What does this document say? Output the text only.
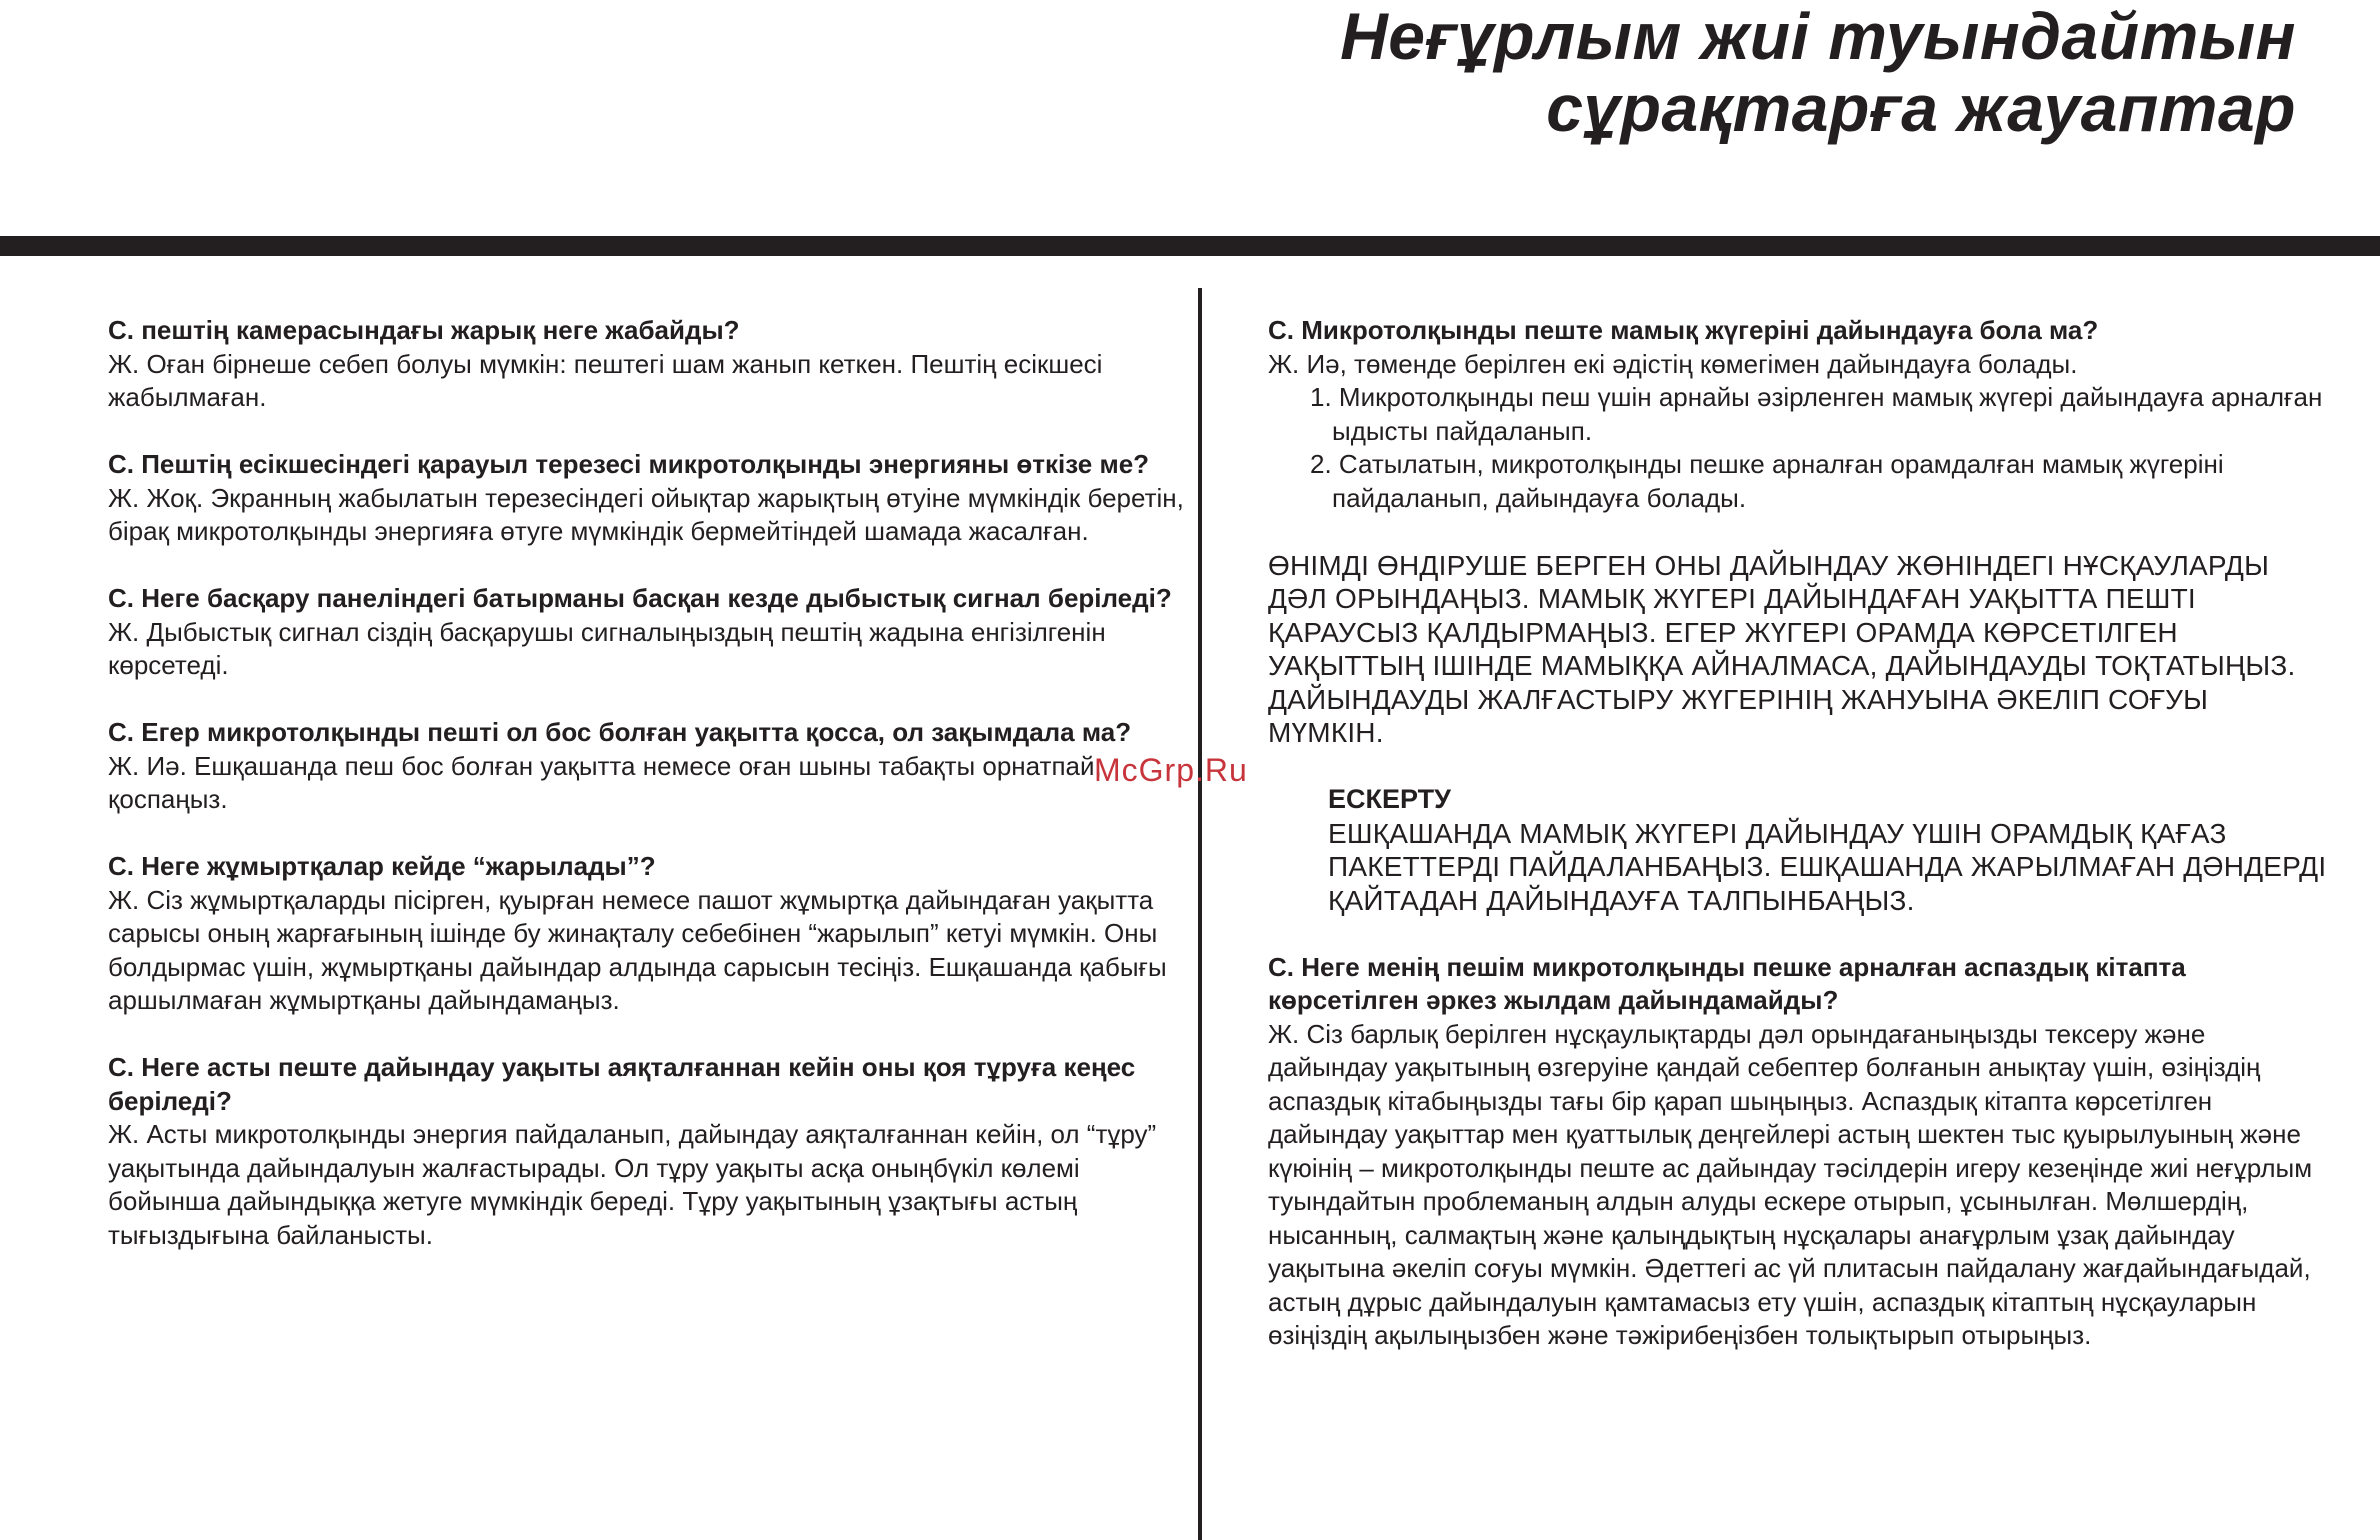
Неғұрлым жиі туындайтын
сұрақтарға жауаптар

С. пештің камерасындағы жарық неге жабайды?

Ж. Оған бірнеше себеп болуы мүмкін: пештегі шам жанып кеткен. Пештің есікшесі жабылмаған.

С. Пештің есікшесіндегі қарауыл терезесі микротолқынды энергияны өткізе ме?

Ж. Жоқ. Экранның жабылатын терезесіндегі ойықтар жарықтың өтуіне мүмкіндік беретін, бірақ микротолқынды энергияға өтуге мүмкіндік бермейтіндей шамада жасалған.

С. Неге басқару панеліндегі батырманы басқан кезде дыбыстық сигнал беріледі?

Ж. Дыбыстық сигнал сіздің басқарушы сигналыңыздың пештің жадына енгізілгенін көрсетеді.

С. Егер микротолқынды пешті ол бос болған уақытта қосса, ол зақымдала ма?

Ж. Иә. Ешқашанда пеш бос болған уақытта немесе оған шыны табақты орнатпай, қоспаңыз.

С. Неге жұмыртқалар кейде “жарылады”?

Ж. Сіз жұмыртқаларды пісірген, қуырған немесе пашот жұмыртқа дайындаған уақытта сарысы оның жарғағының ішінде бу жинақталу себебінен “жарылып” кетуі мүмкін. Оны болдырмас үшін, жұмыртқаны дайындар алдында сарысын тесіңіз. Ешқашанда қабығы аршылмаған жұмыртқаны дайындамаңыз.

С. Неге асты пеште дайындау уақыты аяқталғаннан кейін оны қоя тұруға кеңес беріледі?

Ж. Асты микротолқынды энергия пайдаланып, дайындау аяқталғаннан кейін, ол “тұру” уақытында дайындалуын жалғастырады. Ол тұру уақыты асқа оныңбүкіл көлемі бойынша дайындыққа жетуге мүмкіндік береді. Тұру уақытының ұзақтығы астың тығыздығына байланысты.

С. Микротолқынды пеште мамық жүгеріні дайындауға бола ма?

Ж. Иә, төменде берілген екі әдістің көмегімен дайындауға болады.

1. Микротолқынды пеш үшін арнайы әзірленген мамық жүгері дайындауға арналған ыдысты пайдаланып.
2. Сатылатын, микротолқынды пешке арналған орамдалған мамық жүгеріні пайдаланып, дайындауға болады.

ӨНІМДІ ӨНДІРУШЕ БЕРГЕН ОНЫ ДАЙЫНДАУ ЖӨНІНДЕГІ НҰСҚАУЛАРДЫ ДӘЛ ОРЫНДАҢЫЗ. МАМЫҚ ЖҮГЕРІ ДАЙЫНДАҒАН УАҚЫТТА ПЕШТІ ҚАРАУСЫЗ ҚАЛДЫРМАҢЫЗ. ЕГЕР ЖҮГЕРІ ОРАМДА КӨРСЕТІЛГЕН УАҚЫТТЫҢ ІШІНДЕ МАМЫҚҚА АЙНАЛМАСА, ДАЙЫНДАУДЫ ТОҚТАТЫҢЫЗ. ДАЙЫНДАУДЫ ЖАЛҒАСТЫРУ ЖҮГЕРІНІҢ ЖАНУЫНА ӘКЕЛІП СОҒУЫ МҮМКІН.

ЕСКЕРТУ

ЕШҚАШАНДА МАМЫҚ ЖҮГЕРІ ДАЙЫНДАУ ҮШІН ОРАМДЫҚ ҚАҒАЗ ПАКЕТТЕРДІ ПАЙДАЛАНБАҢЫЗ. ЕШҚАШАНДА ЖАРЫЛМАҒАН ДӘНДЕРДІ ҚАЙТАДАН ДАЙЫНДАУҒА ТАЛПЫНБАҢЫЗ.

С. Неге менің пешім микротолқынды пешке арналған аспаздық кітапта көрсетілген әркез жылдам дайындамайды?

Ж. Сіз барлық берілген нұсқаулықтарды дәл орындағаныңызды тексеру және дайындау уақытының өзгеруіне қандай себептер болғанын анықтау үшін, өзіңіздің аспаздық кітабыңызды тағы бір қарап шыңыңыз. Аспаздық кітапта көрсетілген дайындау уақыттар мен қуаттылық деңгейлері астың шектен тыс қуырылуының және күюінің – микротолқынды пеште ас дайындау тәсілдерін игеру кезеңінде жиі неғұрлым туындайтын проблеманың алдын алуды ескере отырып, ұсынылған. Мөлшердің, нысанның, салмақтың және қалыңдықтың нұсқалары анағұрлым ұзақ дайындау уақытына әкеліп соғуы мүмкін. Әдеттегі ас үй плитасын пайдалану жағдайындағыдай, астың дұрыс дайындалуын қамтамасыз ету үшін, аспаздық кітаптың нұсқауларын өзіңіздің ақылыңызбен және тәжірибеңізбен толықтырып отырыңыз.

McGrp.Ru
